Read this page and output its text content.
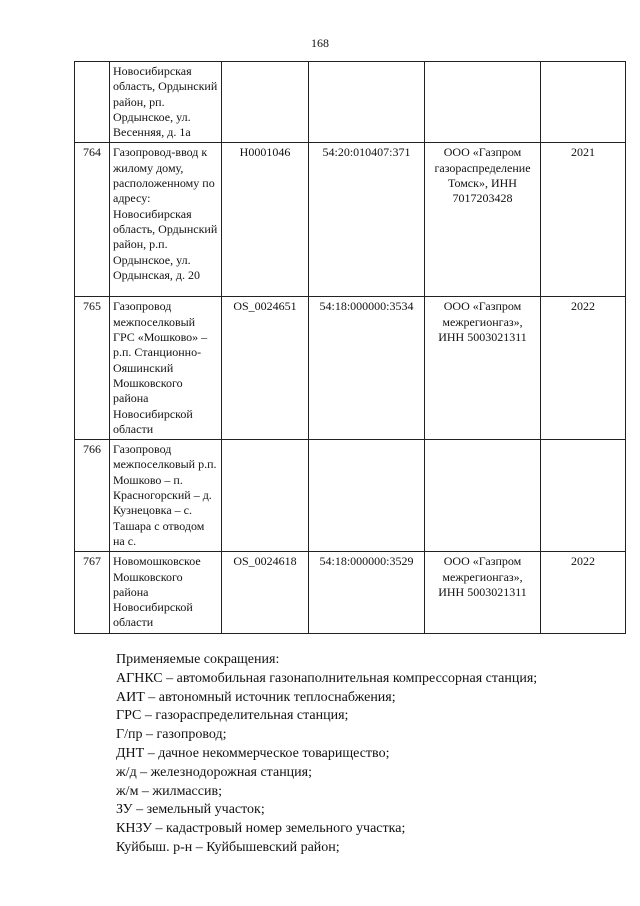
168
	Новосибирская область, Ордынский район, рп. Ордынское, ул. Весенняя, д. 1а				
764	Газопровод-ввод к жилому дому, расположенному по адресу: Новосибирская область, Ордынский район, р.п. Ордынское, ул. Ордынская, д. 20	H0001046	54:20:010407:371	ООО «Газпром газораспределение Томск», ИНН 7017203428	2021
765	Газопровод межпоселковый ГРС «Мошково» – р.п. Станционно-Ояшинский Мошковского района Новосибирской области	OS_0024651	54:18:000000:3534	ООО «Газпром межрегионгаз», ИНН 5003021311	2022
766	Газопровод межпоселковый р.п. Мошково – п. Красногорский – д. Кузнецовка – с. Ташара с отводом на с.				
767	Новомошковское Мошковского района Новосибирской области	OS_0024618	54:18:000000:3529	ООО «Газпром межрегионгаз», ИНН 5003021311	2022
Применяемые сокращения:
АГНКС – автомобильная газонаполнительная компрессорная станция;
АИТ – автономный источник теплоснабжения;
ГРС – газораспределительная станция;
Г/пр – газопровод;
ДНТ – дачное некоммерческое товарищество;
ж/д – железнодорожная станция;
ж/м – жилмассив;
ЗУ – земельный участок;
КНЗУ – кадастровый номер земельного участка;
Куйбыш. р-н – Куйбышевский район;
